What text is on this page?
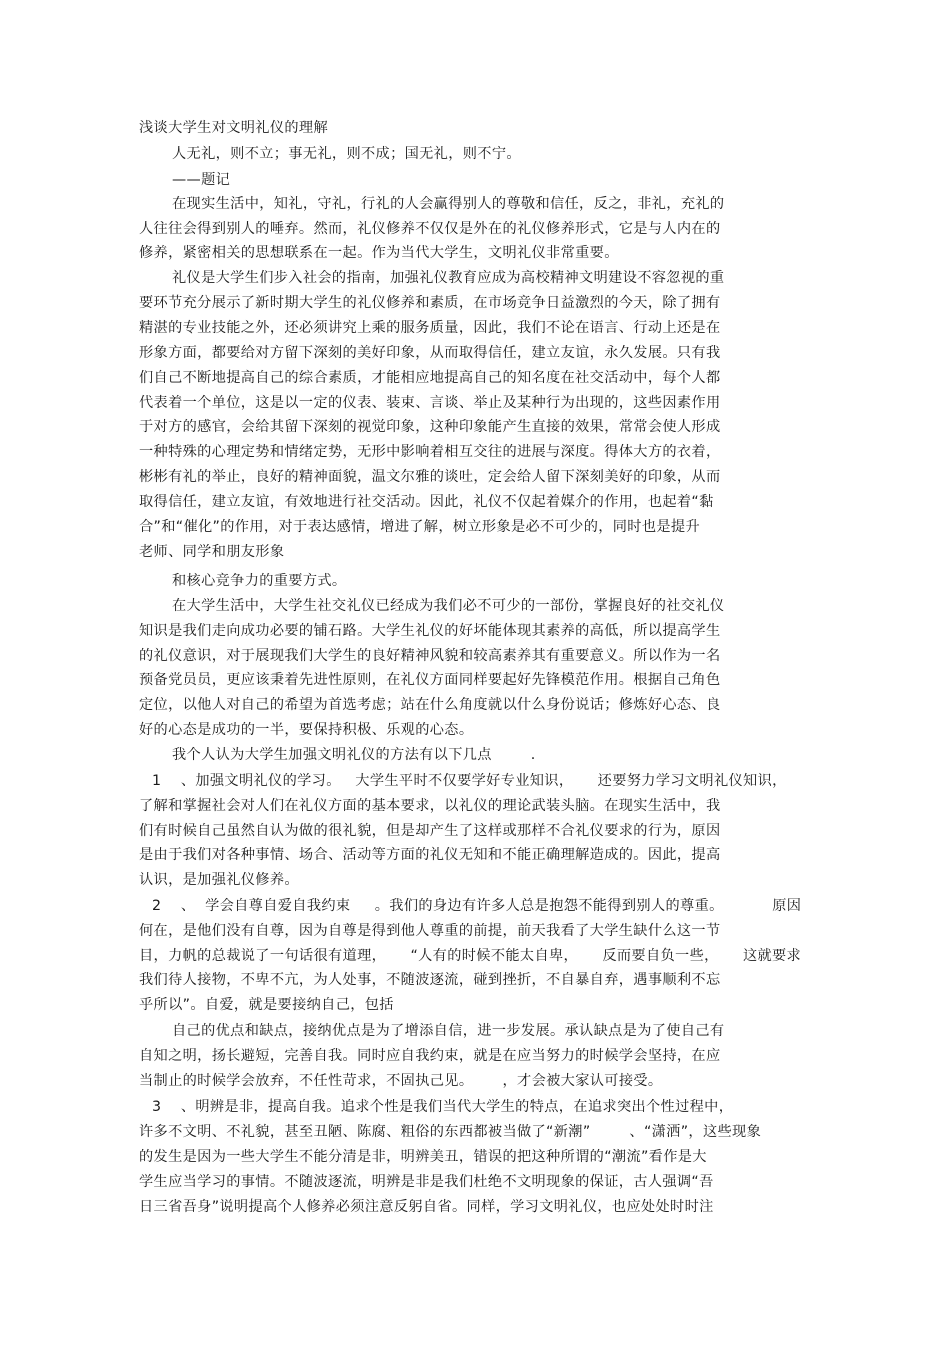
浅谈大学生对文明礼仪的理解
人无礼，则不立；事无礼，则不成；国无礼，则不宁。
——题记
在现实生活中，知礼，守礼，行礼的人会赢得别人的尊敬和信任，反之，非礼，充礼的
人往往会得到别人的唾弃。然而，礼仪修养不仅仅是外在的礼仪修养形式，它是与人内在的
修养，紧密相关的思想联系在一起。作为当代大学生，文明礼仪非常重要。
礼仪是大学生们步入社会的指南，加强礼仪教育应成为高校精神文明建设不容忽视的重
要环节充分展示了新时期大学生的礼仪修养和素质，在市场竞争日益激烈的今天，除了拥有
精湛的专业技能之外，还必须讲究上乘的服务质量，因此，我们不论在语言、行动上还是在
形象方面，都要给对方留下深刻的美好印象，从而取得信任，建立友谊，永久发展。只有我
们自己不断地提高自己的综合素质，才能相应地提高自己的知名度在社交活动中，每个人都
代表着一个单位，这是以一定的仪表、装束、言谈、举止及某种行为出现的，这些因素作用
于对方的感官，会给其留下深刻的视觉印象，这种印象能产生直接的效果，常常会使人形成
一种特殊的心理定势和情绪定势，无形中影响着相互交往的进展与深度。得体大方的衣着，
彬彬有礼的举止，良好的精神面貌，温文尔雅的谈吐，定会给人留下深刻美好的印象，从而
取得信任，建立友谊，有效地进行社交活动。因此，礼仪不仅起着媒介的作用，也起着“黏
合”和“催化”的作用，对于表达感情，增进了解，树立形象是必不可少的，同时也是提升
老师、同学和朋友形象
和核心竞争力的重要方式。
在大学生活中，大学生社交礼仪已经成为我们必不可少的一部份，掌握良好的社交礼仪
知识是我们走向成功必要的铺石路。大学生礼仪的好坏能体现其素养的高低，所以提高学生
的礼仪意识，对于展现我们大学生的良好精神风貌和较高素养其有重要意义。所以作为一名
预备党员员，更应该秉着先进性原则，在礼仪方面同样要起好先锋模范作用。根据自己角色
定位，以他人对自己的希望为首选考虑；站在什么角度就以什么身份说话；修炼好心态、良
好的心态是成功的一半，要保持积极、乐观的心态。
我个人认为大学生加强文明礼仪的方法有以下几点        .
1    、加强文明礼仪的学习。   大学生平时不仅要学好专业知识，     还要努力学习文明礼仪知识，
了解和掌握社会对人们在礼仪方面的基本要求，以礼仪的理论武装头脑。在现实生活中，我
们有时候自己虽然自认为做的很礼貌，但是却产生了这样或那样不合礼仪要求的行为，原因
是由于我们对各种事情、场合、活动等方面的礼仪无知和不能正确理解造成的。因此，提高
认识，是加强礼仪修养。
2    、  学会自尊自爱自我约束     。我们的身边有许多人总是抱怨不能得到别人的尊重。          原因
何在，是他们没有自尊，因为自尊是得到他人尊重的前提，前天我看了大学生缺什么这一节
目，力帆的总裁说了一句话很有道理，     “人有的时候不能太自卑，     反而要自负一些，     这就要求
我们待人接物，不卑不亢，为人处事，不随波逐流，碰到挫折，不自暴自弃，遇事顺利不忘
乎所以”。自爱，就是要接纳自己，包括
自己的优点和缺点，接纳优点是为了增添自信，进一步发展。承认缺点是为了使自己有
自知之明，扬长避短，完善自我。同时应自我约束，就是在应当努力的时候学会坚持，在应
当制止的时候学会放弃，不任性苛求，不固执己见。      ，才会被大家认可接受。
3    、明辨是非，提高自我。追求个性是我们当代大学生的特点，在追求突出个性过程中，
许多不文明、不礼貌，甚至丑陋、陈腐、粗俗的东西都被当做了“新潮”        、“潇洒”，这些现象
的发生是因为一些大学生不能分清是非，明辨美丑，错误的把这种所谓的“潮流”看作是大
学生应当学习的事情。不随波逐流，明辨是非是我们杜绝不文明现象的保证，古人强调“吾
日三省吾身”说明提高个人修养必须注意反躬自省。同样，学习文明礼仪，也应处处时时注
